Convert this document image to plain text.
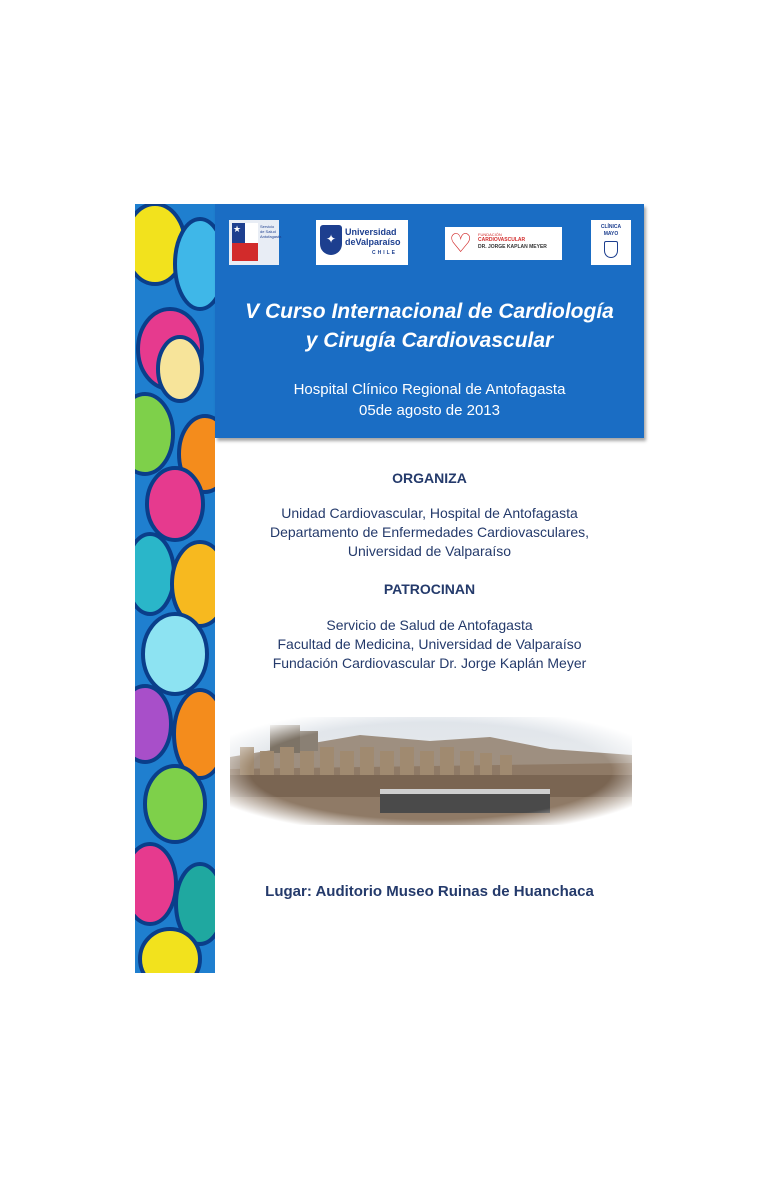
★	Servicio de Salud Antofagasta	✦ Universidad
deValparaíso
CHILE ♡ FUNDACIÓN
CARDIOVASCULAR
DR. JORGE KAPLAN MEYER
CLÍNICA
MAYO
V Curso Internacional de Cardiología
y Cirugía Cardiovascular
Hospital Clínico Regional de Antofagasta
05de agosto de 2013
ORGANIZA
Unidad Cardiovascular, Hospital de Antofagasta
Departamento de Enfermedades Cardiovasculares,
Universidad de Valparaíso
PATROCINAN
Servicio de Salud de Antofagasta
Facultad de Medicina, Universidad de Valparaíso
Fundación Cardiovascular Dr. Jorge Kaplán Meyer
Lugar: Auditorio Museo Ruinas de Huanchaca
